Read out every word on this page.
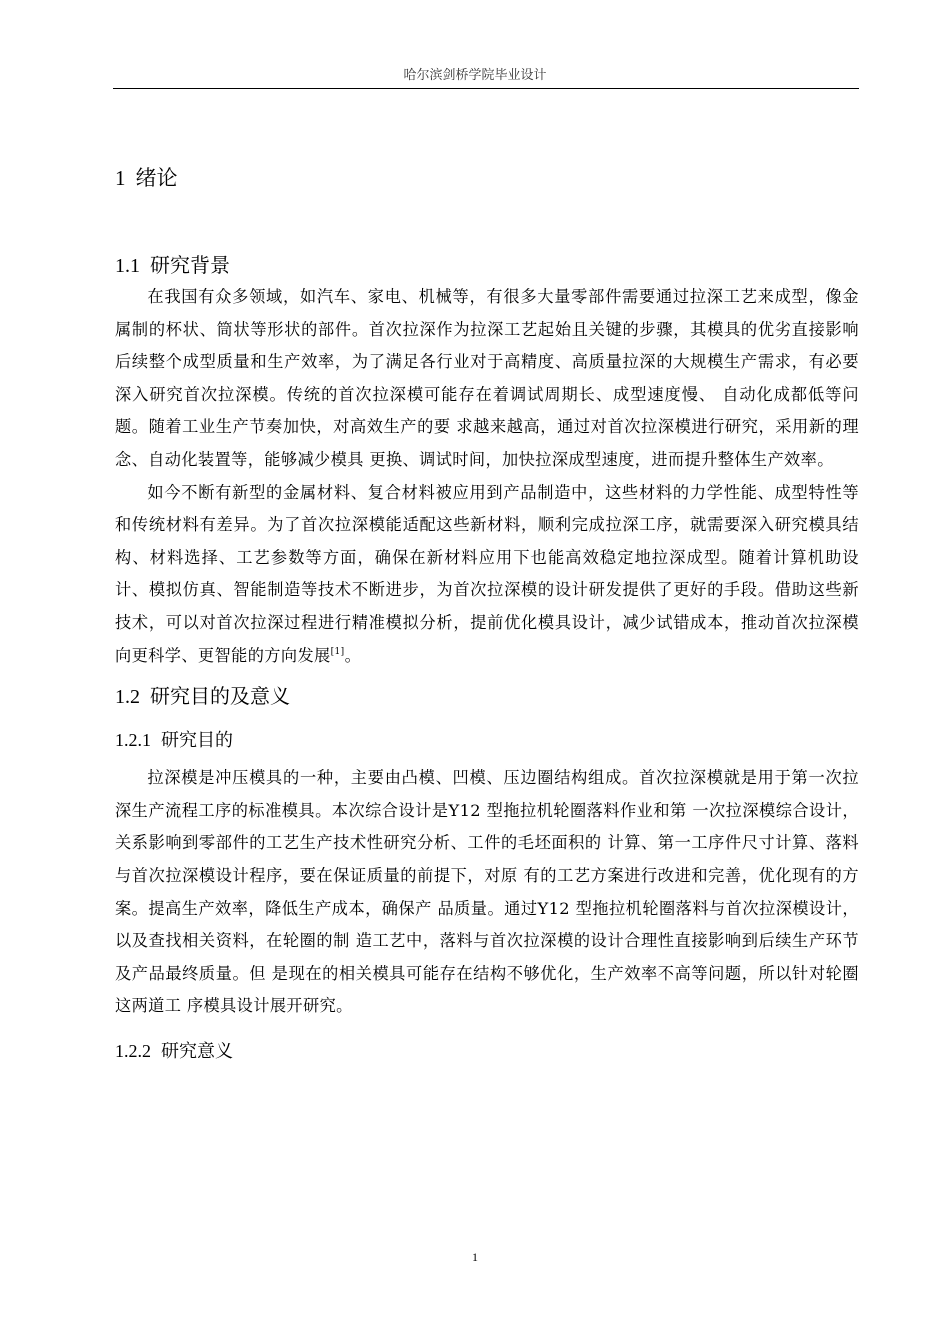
哈尔滨剑桥学院毕业设计
1 绪论
1.1 研究背景

在我国有众多领域，如汽车、家电、机械等，有很多大量零部件需要通过拉深工艺来成型，像金属制的杯状、筒状等形状的部件。首次拉深作为拉深工艺起始且关键的步骤，其模具的优劣直接影响后续整个成型质量和生产效率，为了满足各行业对于高精度、高质量拉深的大规模生产需求，有必要深入研究首次拉深模。传统的首次拉深模可能存在着调试周期长、成型速度慢、 自动化成都低等问题。随着工业生产节奏加快，对高效生产的要 求越来越高，通过对首次拉深模进行研究，采用新的理念、自动化装置等，能够减少模具 更换、调试时间，加快拉深成型速度，进而提升整体生产效率。

如今不断有新型的金属材料、复合材料被应用到产品制造中，这些材料的力学性能、成型特性等和传统材料有差异。为了首次拉深模能适配这些新材料，顺利完成拉深工序，就需要深入研究模具结构、材料选择、工艺参数等方面，确保在新材料应用下也能高效稳定地拉深成型。随着计算机助设计、模拟仿真、智能制造等技术不断进步，为首次拉深模的设计研发提供了更好的手段。借助这些新技术，可以对首次拉深过程进行精准模拟分析，提前优化模具设计，减少试错成本，推动首次拉深模向更科学、更智能的方向发展[1]。

1.2 研究目的及意义
1.2.1 研究目的

拉深模是冲压模具的一种，主要由凸模、凹模、压边圈结构组成。首次拉深模就是用于第一次拉深生产流程工序的标准模具。本次综合设计是Y12 型拖拉机轮圈落料作业和第 一次拉深模综合设计，关系影响到零部件的工艺生产技术性研究分析、工件的毛坯面积的 计算、第一工序件尺寸计算、落料与首次拉深模设计程序，要在保证质量的前提下，对原 有的工艺方案进行改进和完善，优化现有的方案。提高生产效率，降低生产成本，确保产 品质量。通过Y12 型拖拉机轮圈落料与首次拉深模设计，以及查找相关资料，在轮圈的制 造工艺中，落料与首次拉深模的设计合理性直接影响到后续生产环节及产品最终质量。但 是现在的相关模具可能存在结构不够优化，生产效率不高等问题，所以针对轮圈这两道工 序模具设计展开研究。

1.2.2 研究意义
1
